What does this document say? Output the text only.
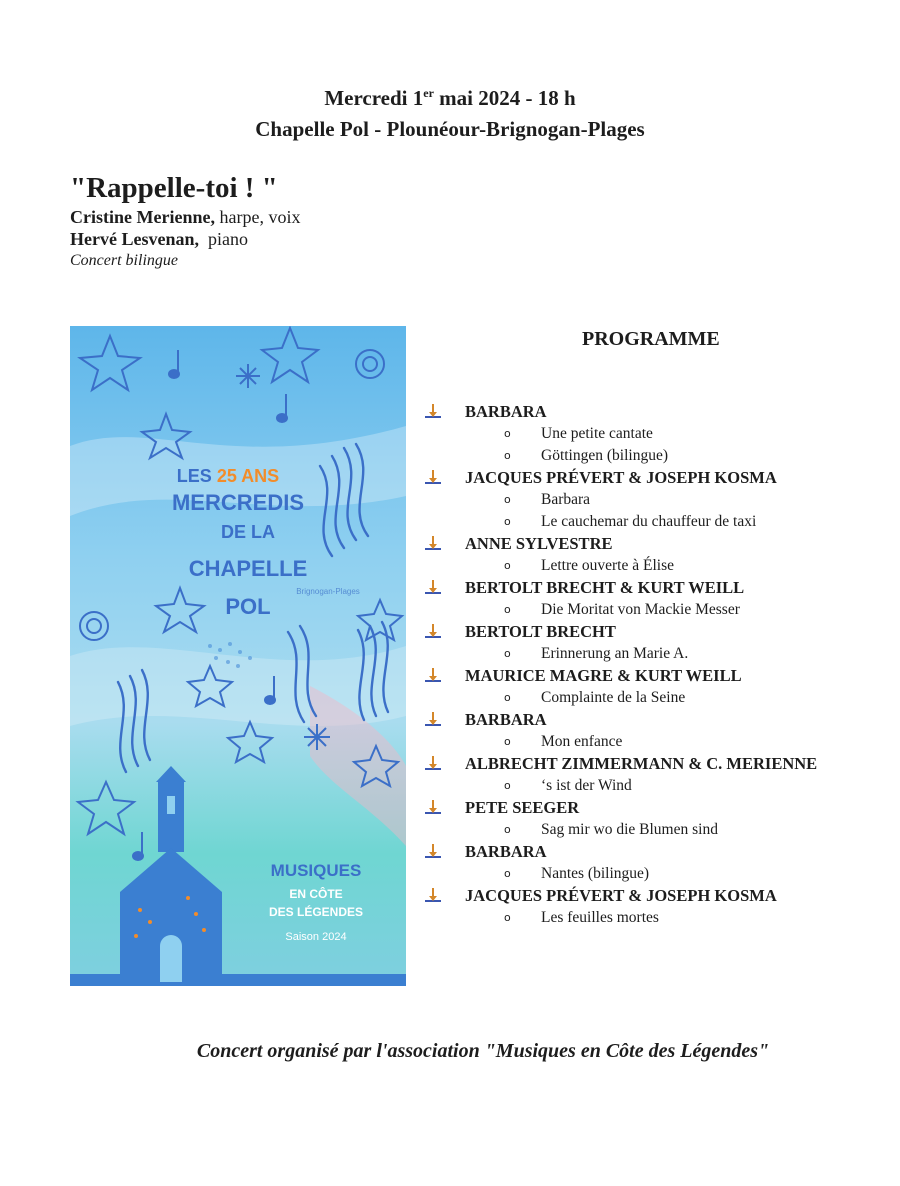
Mercredi 1er mai 2024 - 18 h
Chapelle Pol - Plounéour-Brignogan-Plages
"Rappelle-toi ! "
Cristine Merienne, harpe, voix
Hervé Lesvenan,  piano
Concert bilingue
LES 25 ANS
MERCREDIS
DE LA
CHAPELLE
POL
Brignogan-Plages
MUSIQUES
EN CÔTE
DES LÉGENDES
Saison 2024
PROGRAMME
BARBARA
o Une petite cantate
o Göttingen (bilingue)
JACQUES PRÉVERT & JOSEPH KOSMA
o Barbara
o Le cauchemar du chauffeur de taxi
ANNE SYLVESTRE
o Lettre ouverte à Élise
BERTOLT BRECHT & KURT WEILL
o Die Moritat von Mackie Messer
BERTOLT BRECHT
o Erinnerung an Marie A.
MAURICE MAGRE & KURT WEILL
o Complainte de la Seine
BARBARA
o Mon enfance
ALBRECHT ZIMMERMANN & C. MERIENNE
o ‘s ist der Wind
PETE SEEGER
o Sag mir wo die Blumen sind
BARBARA
o Nantes (bilingue)
JACQUES PRÉVERT & JOSEPH KOSMA
o Les feuilles mortes
Concert organisé par l'association "Musiques en Côte des Légendes"
